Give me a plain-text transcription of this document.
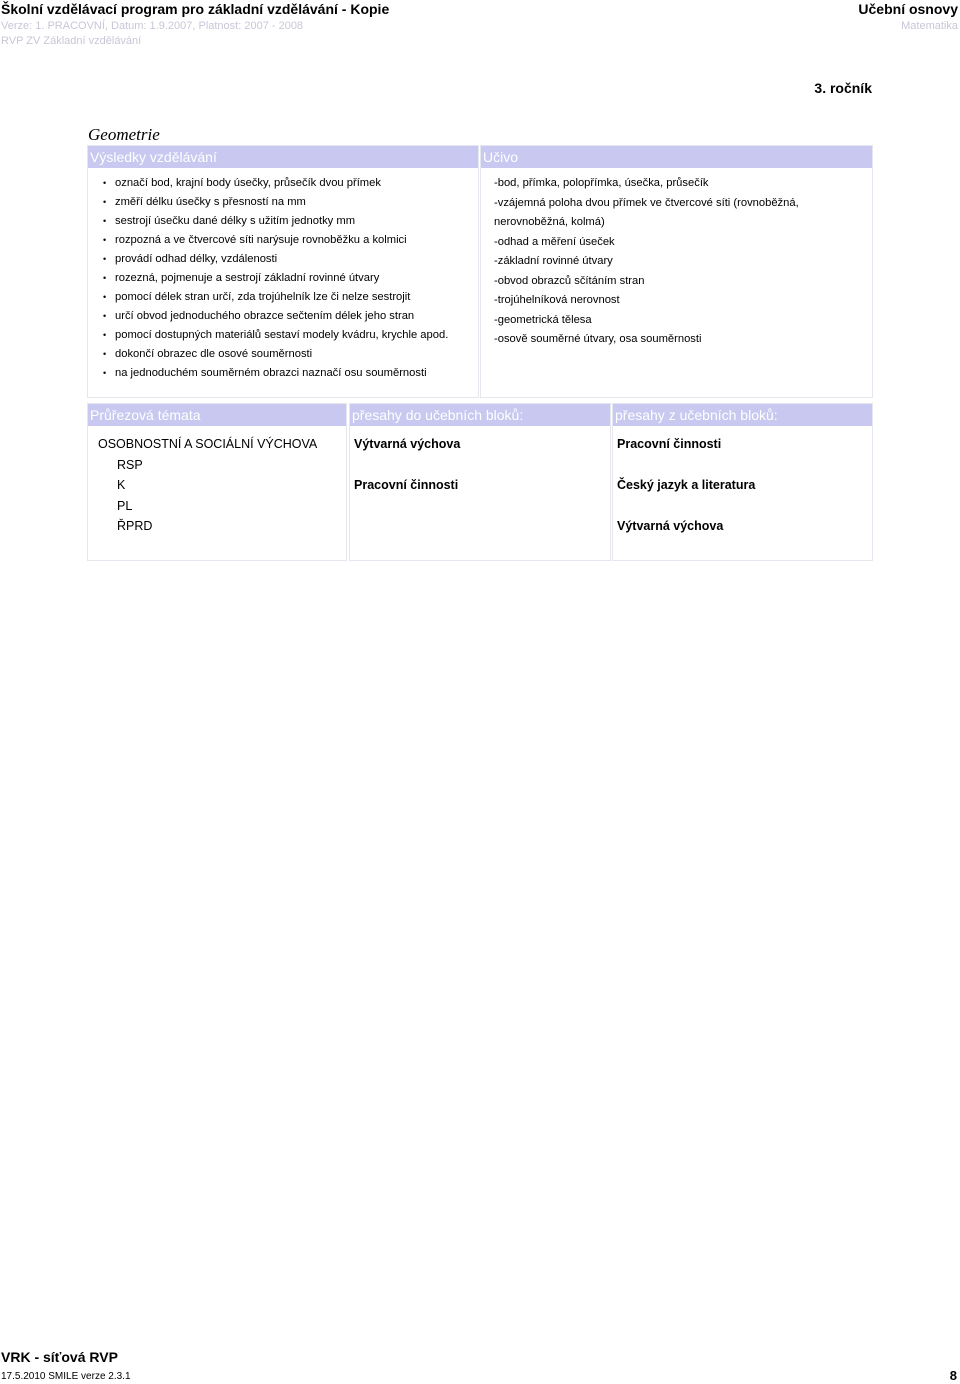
Školní vzdělávací program pro základní vzdělávání - Kopie
Verze: 1. PRACOVNÍ, Datum: 1.9.2007, Platnost: 2007 - 2008
RVP ZV Základní vzdělávání
Učební osnovy
Matematika
3. ročník
Geometrie
Výsledky vzdělávání
• označí bod, krajní body úsečky, průsečík dvou přímek
• změří délku úsečky s přesností na mm
• sestrojí úsečku dané délky s užitím jednotky mm
• rozpozná a ve čtvercové síti narýsuje rovnoběžku a kolmici
• provádí odhad délky, vzdálenosti
• rozezná, pojmenuje a sestrojí základní rovinné útvary
• pomocí délek stran určí, zda trojúhelník lze či nelze sestrojit
• určí obvod jednoduchého obrazce sečtením délek jeho stran
• pomocí dostupných materiálů sestaví modely kvádru, krychle apod.
• dokončí obrazec dle osové souměrnosti
• na jednoduchém souměrném obrazci naznačí osu souměrnosti
Učivo
-bod, přímka, polopřímka, úsečka, průsečík
-vzájemná poloha dvou přímek ve čtvercové síti (rovnoběžná, nerovnoběžná, kolmá)
-odhad a měření úseček
-základní rovinné útvary
-obvod obrazců sčítáním stran
-trojúhelníková nerovnost
-geometrická tělesa
-osově souměrné útvary, osa souměrnosti
Průřezová témata
OSOBNOSTNÍ A SOCIÁLNÍ VÝCHOVA
RSP
K
PL
ŘPRD
přesahy do učebních bloků:
Výtvarná výchova
Pracovní činnosti
přesahy z učebních bloků:
Pracovní činnosti
Český jazyk a literatura
Výtvarná výchova
VRK - síťová RVP
17.5.2010 SMILE verze 2.3.1	8
